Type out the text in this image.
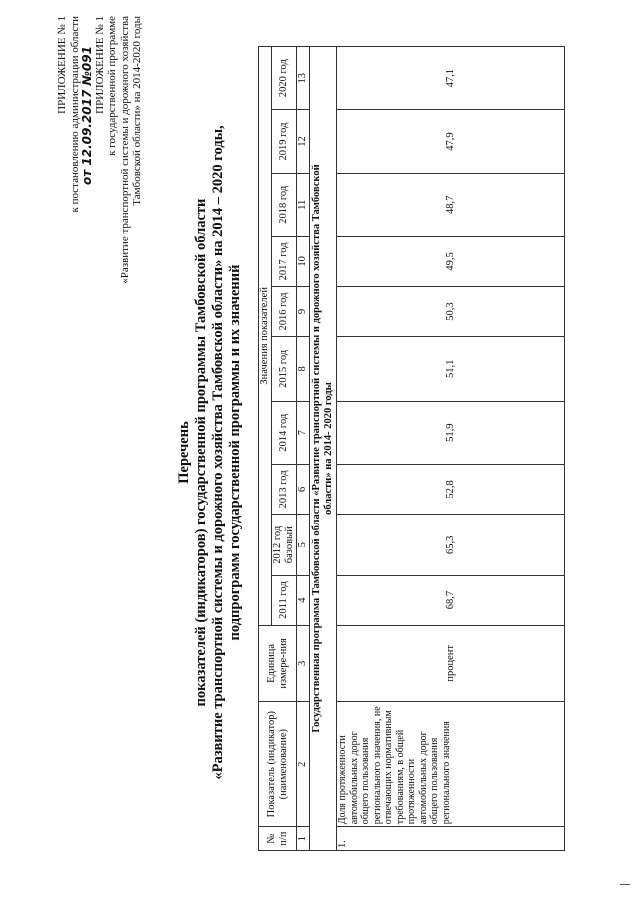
ПРИЛОЖЕНИЕ № 1 к постановлению администрации области от 12.09.2017 №091 ПРИЛОЖЕНИЕ № 1 к государственной программе «Развитие транспортной системы и дорожного хозяйства Тамбовской области» на 2014-2020 годы
Перечень показателей (индикаторов) государственной программы Тамбовской области «Развитие транспортной системы и дорожного хозяйства Тамбовской области» на 2014 – 2020 годы, подпрограмм государственной программы и их значений
№ п/п	Показатель (индикатор) (наименование)	Единица измере-ния	Значения показателей									
			2011 год	2012 год базовый	2013 год	2014 год	2015 год	2016 год	2017 год	2018 год	2019 год	2020 год
1	2	3	4	5	6	7	8	9	10	11	12	13

Государственная программа Тамбовской области «Развитие транспортной системы и дорожного хозяйства Тамбовской области» на 2014- 2020 годы												

1.	Доля протяженности автомобильных дорог общего пользования регионального значения, не отвечающих нормативным требованиям, в общей протяженности автомобильных дорог общего пользования регионального значения	процент	68,7	65,3	52,8	51,9	51,1	50,3	49,5	48,7	47,9	47,1
